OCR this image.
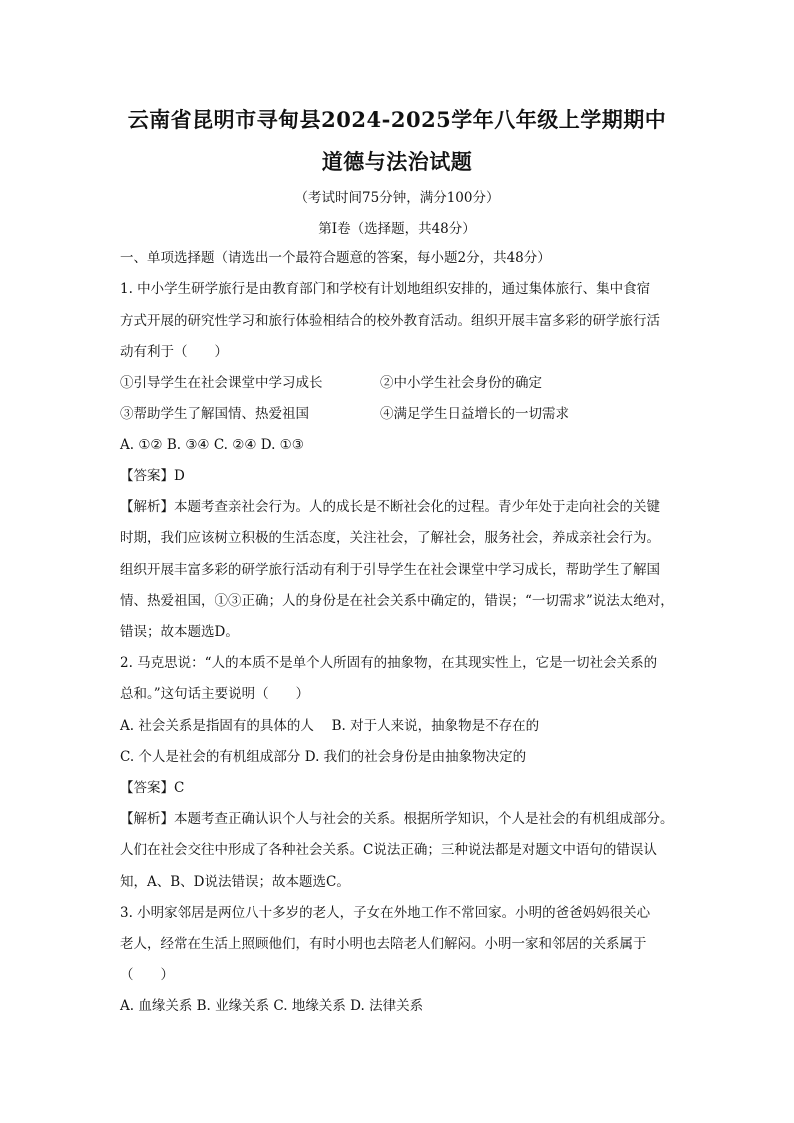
云南省昆明市寻甸县2024-2025学年八年级上学期期中
道德与法治试题
（考试时间75分钟，满分100分）
第Ⅰ卷（选择题，共48分）
一、单项选择题（请选出一个最符合题意的答案，每小题2分，共48分）
1. 中小学生研学旅行是由教育部门和学校有计划地组织安排的，通过集体旅行、集中食宿
方式开展的研究性学习和旅行体验相结合的校外教育活动。组织开展丰富多彩的研学旅行活
动有利于（　　）
①引导学生在社会课堂中学习成长	②中小学生社会身份的确定
③帮助学生了解国情、热爱祖国	④满足学生日益增长的一切需求
A. ①② B. ③④ C. ②④ D. ①③
【答案】D
【解析】本题考查亲社会行为。人的成长是不断社会化的过程。青少年处于走向社会的关键
时期，我们应该树立积极的生活态度，关注社会，了解社会，服务社会，养成亲社会行为。
组织开展丰富多彩的研学旅行活动有利于引导学生在社会课堂中学习成长，帮助学生了解国
情、热爱祖国，①③正确；人的身份是在社会关系中确定的，错误；“一切需求”说法太绝对，
错误；故本题选D。
2. 马克思说：“人的本质不是单个人所固有的抽象物，在其现实性上，它是一切社会关系的
总和。”这句话主要说明（　　）
A. 社会关系是指固有的具体的人　 B. 对于人来说，抽象物是不存在的
C. 个人是社会的有机组成部分 D. 我们的社会身份是由抽象物决定的
【答案】C
【解析】本题考查正确认识个人与社会的关系。根据所学知识，个人是社会的有机组成部分。
人们在社会交往中形成了各种社会关系。C说法正确；三种说法都是对题文中语句的错误认
知，A、B、D说法错误；故本题选C。
3. 小明家邻居是两位八十多岁的老人，子女在外地工作不常回家。小明的爸爸妈妈很关心
老人，经常在生活上照顾他们，有时小明也去陪老人们解闷。小明一家和邻居的关系属于
（　　）
A. 血缘关系 B. 业缘关系 C. 地缘关系 D. 法律关系
